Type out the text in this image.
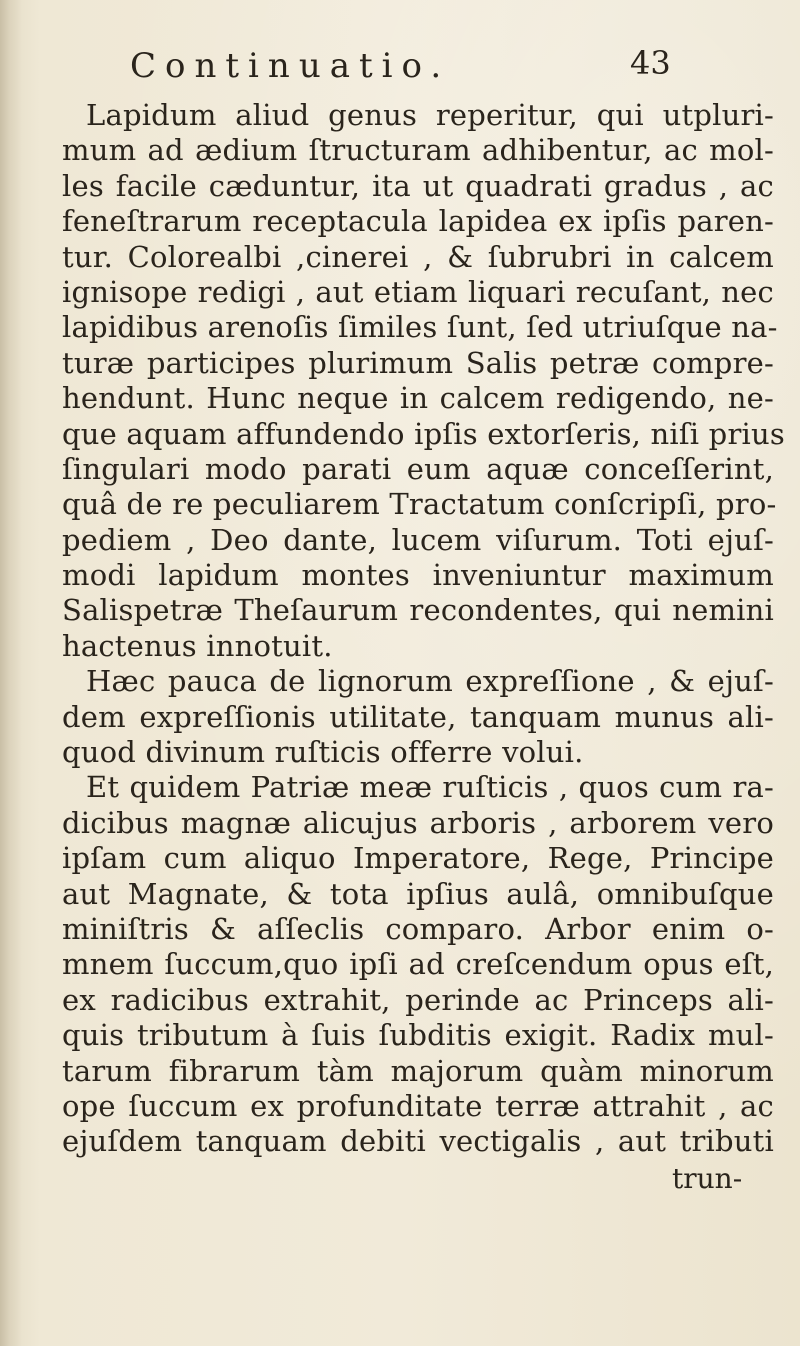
Continuatio.	43
Lapidum aliud genus reperitur, qui utpluri-
mum ad ædium ſtructuram adhibentur, ac mol-
les facile cæduntur, ita ut quadrati gradus , ac
feneſtrarum receptacula lapidea ex ipſis paren-
tur. Colorealbi ,cinerei , & ſubrubri in calcem
ignisope redigi , aut etiam liquari recuſant, nec
lapidibus arenoſis ſimiles ſunt, ſed utriuſque na-
turæ participes plurimum Salis petræ compre-
hendunt. Hunc neque in calcem redigendo, ne-
que aquam affundendo ipſis extorſeris, niſi prius
ſingulari modo parati eum aquæ conceſſerint,
quâ de re peculiarem Tractatum conſcripſi, pro-
pediem , Deo dante, lucem viſurum. Toti ejuſ-
modi lapidum montes inveniuntur maximum
Salispetræ Theſaurum recondentes, qui nemini
hactenus innotuit.
Hæc pauca de lignorum expreſſione , & ejuſ-
dem expreſſionis utilitate, tanquam munus ali-
quod divinum ruſticis offerre volui.
Et quidem Patriæ meæ ruſticis , quos cum ra-
dicibus magnæ alicujus arboris , arborem vero
ipſam cum aliquo Imperatore, Rege, Principe
aut Magnate, & tota ipſius aulâ, omnibuſque
miniſtris & aſſeclis comparo. Arbor enim o-
mnem ſuccum,quo ipſi ad creſcendum opus eſt,
ex radicibus extrahit, perinde ac Princeps ali-
quis tributum à ſuis ſubditis exigit. Radix mul-
tarum fibrarum tàm majorum quàm minorum
ope ſuccum ex profunditate terræ attrahit , ac
ejuſdem tanquam debiti vectigalis , aut tributi
trun-
